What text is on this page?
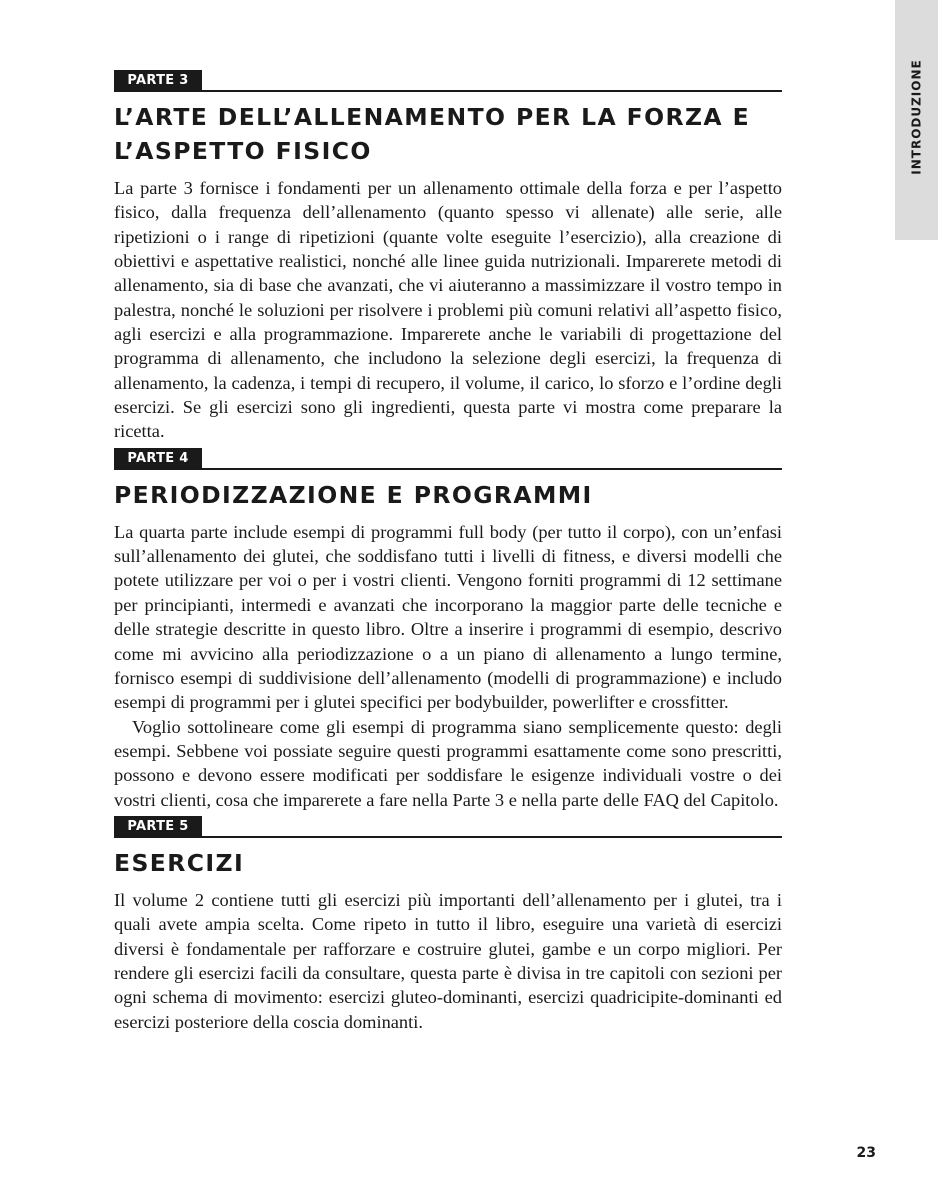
INTRODUZIONE
PARTE 3
L’ARTE DELL’ALLENAMENTO PER LA FORZA E
L’ASPETTO FISICO

La parte 3 fornisce i fondamenti per un allenamento ottimale della forza e per l’aspetto fisico, dalla frequenza dell’allenamento (quanto spesso vi allenate) alle serie, alle ripetizioni o i range di ripetizioni (quante volte eseguite l’esercizio), alla creazione di obiettivi e aspettative realistici, nonché alle linee guida nutrizionali. Imparerete metodi di allenamento, sia di base che avanzati, che vi aiuteranno a massimizzare il vostro tempo in palestra, nonché le soluzioni per risolvere i problemi più comuni relativi all’aspetto fisico, agli esercizi e alla programmazione. Imparerete anche le variabili di progettazione del programma di allenamento, che includono la selezione degli esercizi, la frequenza di allenamento, la cadenza, i tempi di recupero, il volume, il carico, lo sforzo e l’ordine degli esercizi. Se gli esercizi sono gli ingredienti, questa parte vi mostra come preparare la ricetta.

PARTE 4
PERIODIZZAZIONE E PROGRAMMI

La quarta parte include esempi di programmi full body (per tutto il corpo), con un’enfasi sull’allenamento dei glutei, che soddisfano tutti i livelli di fitness, e diversi modelli che potete utilizzare per voi o per i vostri clienti. Vengono forniti programmi di 12 settimane per principianti, intermedi e avanzati che incorporano la maggior parte delle tecniche e delle strategie descritte in questo libro. Oltre a inserire i programmi di esempio, descrivo come mi avvicino alla periodizzazione o a un piano di allenamento a lungo termine, fornisco esempi di suddivisione dell’allenamento (modelli di programmazione) e includo esempi di programmi per i glutei specifici per bodybuilder, powerlifter e crossfitter.

Voglio sottolineare come gli esempi di programma siano semplicemente questo: degli esempi. Sebbene voi possiate seguire questi programmi esattamente come sono prescritti, possono e devono essere modificati per soddisfare le esigenze individuali vostre o dei vostri clienti, cosa che imparerete a fare nella Parte 3 e nella parte delle FAQ del Capitolo.

PARTE 5
ESERCIZI

Il volume 2 contiene tutti gli esercizi più importanti dell’allenamento per i glutei, tra i quali avete ampia scelta. Come ripeto in tutto il libro, eseguire una varietà di esercizi diversi è fondamentale per rafforzare e costruire glutei, gambe e un corpo migliori. Per rendere gli esercizi facili da consultare, questa parte è divisa in tre capitoli con sezioni per ogni schema di movimento: esercizi gluteo-dominanti, esercizi quadricipite-dominanti ed esercizi posteriore della coscia dominanti.

23
